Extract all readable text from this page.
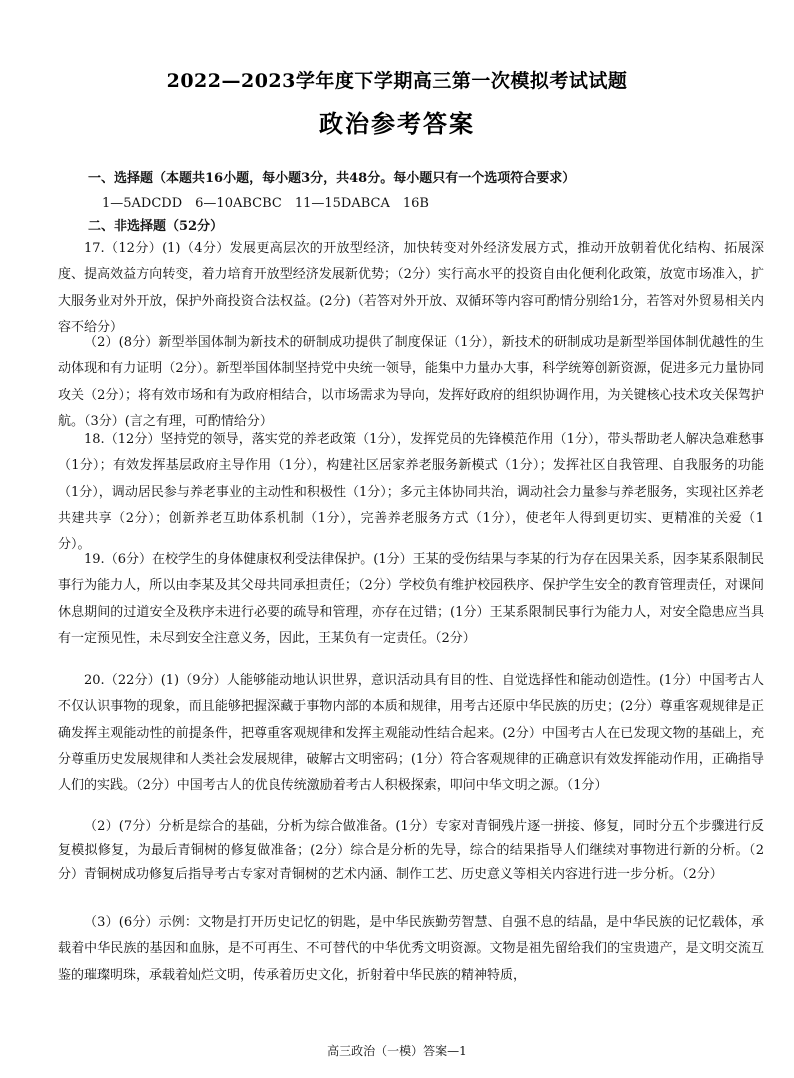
2022—2023学年度下学期高三第一次模拟考试试题
政治参考答案
一、选择题（本题共16小题，每小题3分，共48分。每小题只有一个选项符合要求）
1—5ADCDD　6—10ABCBC　11—15DABCA　16B
二、非选择题（52分）

17.（12分）(1)（4分）发展更高层次的开放型经济，加快转变对外经济发展方式，推动开放朝着优化结构、拓展深度、提高效益方向转变，着力培育开放型经济发展新优势；（2分）实行高水平的投资自由化便利化政策，放宽市场准入，扩大服务业对外开放，保护外商投资合法权益。(2分)（若答对外开放、双循环等内容可酌情分别给1分，若答对外贸易相关内容不给分）

（2）(8分）新型举国体制为新技术的研制成功提供了制度保证（1分），新技术的研制成功是新型举国体制优越性的生动体现和有力证明（2分）。新型举国体制坚持党中央统一领导，能集中力量办大事，科学统筹创新资源，促进多元力量协同攻关（2分）；将有效市场和有为政府相结合，以市场需求为导向，发挥好政府的组织协调作用，为关键核心技术攻关保驾护航。（3分）(言之有理，可酌情给分）

18.（12分）坚持党的领导，落实党的养老政策（1分），发挥党员的先锋模范作用（1分），带头帮助老人解决急难愁事（1分）；有效发挥基层政府主导作用（1分），构建社区居家养老服务新模式（1分）；发挥社区自我管理、自我服务的功能（1分），调动居民参与养老事业的主动性和积极性（1分）；多元主体协同共治，调动社会力量参与养老服务，实现社区养老共建共享（2分）；创新养老互助体系机制（1分），完善养老服务方式（1分），使老年人得到更切实、更精准的关爱（1分）。

19.（6分）在校学生的身体健康权利受法律保护。(1分）王某的受伤结果与李某的行为存在因果关系，因李某系限制民事行为能力人，所以由李某及其父母共同承担责任；（2分）学校负有维护校园秩序、保护学生安全的教育管理责任，对课间休息期间的过道安全及秩序未进行必要的疏导和管理，亦存在过错；(1分）王某系限制民事行为能力人，对安全隐患应当具有一定预见性，未尽到安全注意义务，因此，王某负有一定责任。（2分）

20.（22分）(1)（9分）人能够能动地认识世界，意识活动具有目的性、自觉选择性和能动创造性。(1分）中国考古人不仅认识事物的现象，而且能够把握深藏于事物内部的本质和规律，用考古还原中华民族的历史；(2分）尊重客观规律是正确发挥主观能动性的前提条件，把尊重客观规律和发挥主观能动性结合起来。(2分）中国考古人在已发现文物的基础上，充分尊重历史发展规律和人类社会发展规律，破解古文明密码；(1分）符合客观规律的正确意识有效发挥能动作用，正确指导人们的实践。（2分）中国考古人的优良传统激励着考古人积极探索，叩问中华文明之源。（1分）

（2）(7分）分析是综合的基础，分析为综合做准备。(1分）专家对青铜残片逐一拼接、修复，同时分五个步骤进行反复模拟修复，为最后青铜树的修复做准备；(2分）综合是分析的先导，综合的结果指导人们继续对事物进行新的分析。（2分）青铜树成功修复后指导考古专家对青铜树的艺术内涵、制作工艺、历史意义等相关内容进行进一步分析。（2分）

（3）(6分）示例：文物是打开历史记忆的钥匙，是中华民族勤劳智慧、自强不息的结晶，是中华民族的记忆载体，承载着中华民族的基因和血脉，是不可再生、不可替代的中华优秀文明资源。文物是祖先留给我们的宝贵遗产，是文明交流互鉴的璀璨明珠，承载着灿烂文明，传承着历史文化，折射着中华民族的精神特质，

高三政治（一模）答案—1
